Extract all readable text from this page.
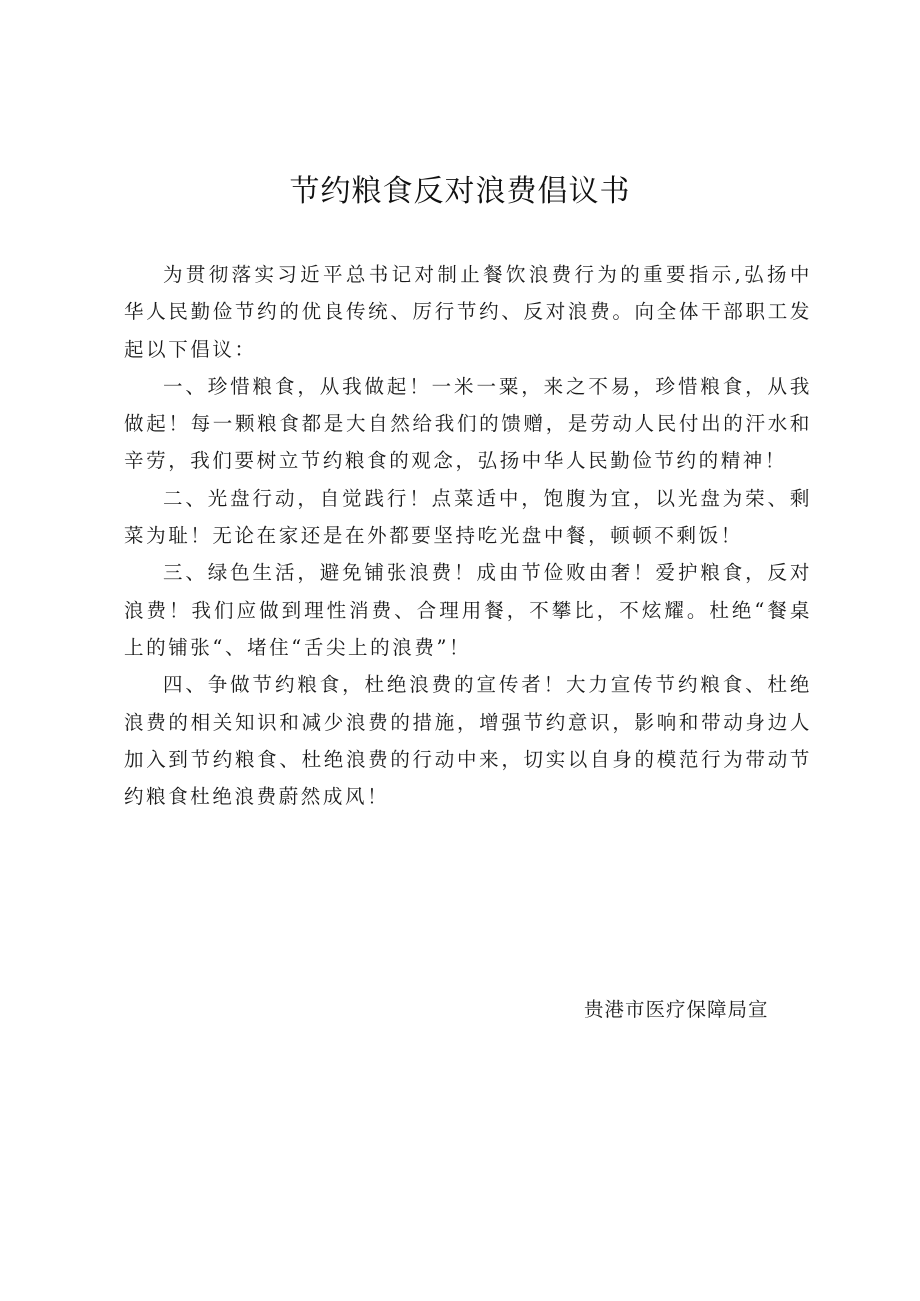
节约粮食反对浪费倡议书

为贯彻落实习近平总书记对制止餐饮浪费行为的重要指示,弘扬中华人民勤俭节约的优良传统、厉行节约、反对浪费。向全体干部职工发起以下倡议：

一、珍惜粮食，从我做起！一米一粟，来之不易，珍惜粮食，从我做起！每一颗粮食都是大自然给我们的馈赠，是劳动人民付出的汗水和辛劳，我们要树立节约粮食的观念，弘扬中华人民勤俭节约的精神！

二、光盘行动，自觉践行！点菜适中，饱腹为宜，以光盘为荣、剩菜为耻！无论在家还是在外都要坚持吃光盘中餐，顿顿不剩饭！

三、绿色生活，避免铺张浪费！成由节俭败由奢！爱护粮食，反对浪费！我们应做到理性消费、合理用餐，不攀比，不炫耀。杜绝“餐桌上的铺张“、堵住“舌尖上的浪费”！

四、争做节约粮食，杜绝浪费的宣传者！大力宣传节约粮食、杜绝浪费的相关知识和减少浪费的措施，增强节约意识，影响和带动身边人加入到节约粮食、杜绝浪费的行动中来，切实以自身的模范行为带动节约粮食杜绝浪费蔚然成风！

贵港市医疗保障局宣
